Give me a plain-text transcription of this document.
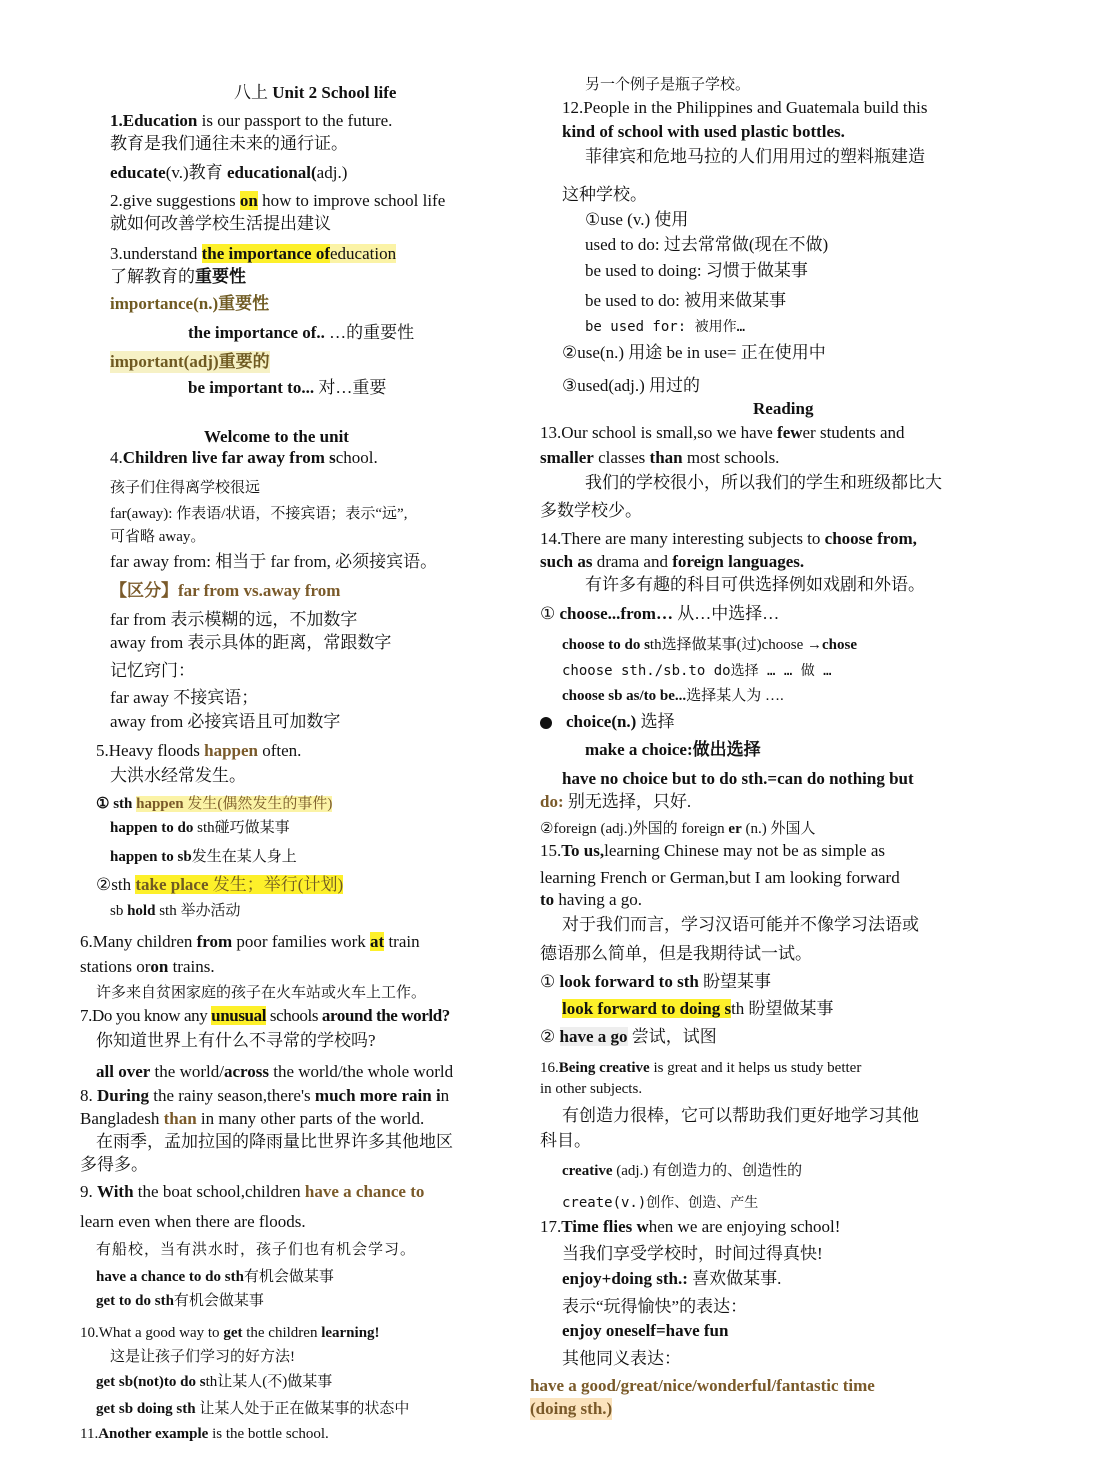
八上 Unit 2 School life
1.Education is our passport to the future.
教育是我们通往未来的通行证。
educate(v.)教育 educational(adj.)
2.give suggestions on how to improve school life
就如何改善学校生活提出建议
3.understand the importance ofeducation
了解教育的重要性
importance(n.)重要性
the importance of.. …的重要性
important(adj)重要的
be important to... 对…重要
Welcome to the unit
4.Children live far away from school.
孩子们住得离学校很远
far(away): 作表语/状语，不接宾语；表示“远”,
可省略 away。
far away from: 相当于 far from, 必须接宾语。
【区分】far from vs.away from
far from 表示模糊的远，不加数字
away from 表示具体的距离，常跟数字
记忆窍门：
far away 不接宾语；
away from 必接宾语且可加数字
5.Heavy floods happen often.
大洪水经常发生。
① sth happen 发生(偶然发生的事件)
happen to do sth碰巧做某事
happen to sb发生在某人身上
②sth take place 发生；举行(计划)
sb hold sth 举办活动
6.Many children from poor families work at train
stations oron trains.
许多来自贫困家庭的孩子在火车站或火车上工作。
7.Do you know any unusual schools around the world?
你知道世界上有什么不寻常的学校吗?
all over the world/across the world/the whole world
8. During the rainy season,there's much more rain in
Bangladesh than in many other parts of the world.
在雨季，孟加拉国的降雨量比世界许多其他地区
多得多。
9. With the boat school,children have a chance to
learn even when there are floods.
有船校，当有洪水时，孩子们也有机会学习。
have a chance to do sth有机会做某事
get to do sth有机会做某事
10.What a good way to get the children learning!
这是让孩子们学习的好方法!
get sb(not)to do sth让某人(不)做某事
get sb doing sth 让某人处于正在做某事的状态中
11.Another example is the bottle school.
另一个例子是瓶子学校。
12.People in the Philippines and Guatemala build this
kind of school with used plastic bottles.
菲律宾和危地马拉的人们用用过的塑料瓶建造
这种学校。
①use (v.) 使用
used to do: 过去常常做(现在不做)
be used to doing: 习惯于做某事
be used to do: 被用来做某事
be used for: 被用作…
②use(n.) 用途 be in use= 正在使用中
③used(adj.) 用过的
Reading
13.Our school is small,so we have fewer students and
smaller classes than most schools.
我们的学校很小，所以我们的学生和班级都比大
多数学校少。
14.There are many interesting subjects to choose from,
such as drama and foreign languages.
有许多有趣的科目可供选择例如戏剧和外语。
① choose...from… 从…中选择…
choose to do sth选择做某事(过)choose →chose
choose sth./sb.to do选择 … … 做 …
choose sb as/to be...选择某人为 ….
choice(n.) 选择
make a choice:做出选择
have no choice but to do sth.=can do nothing but
do: 别无选择，只好.
②foreign (adj.)外国的 foreign er (n.) 外国人
15.To us,learning Chinese may not be as simple as
learning French or German,but I am looking forward
to having a go.
对于我们而言，学习汉语可能并不像学习法语或
德语那么简单，但是我期待试一试。
① look forward to sth 盼望某事
look forward to doing sth 盼望做某事
② have a go 尝试，试图
16.Being creative is great and it helps us study better
in other subjects.
有创造力很棒，它可以帮助我们更好地学习其他
科目。
creative (adj.) 有创造力的、创造性的
create(v.)创作、创造、产生
17.Time flies when we are enjoying school!
当我们享受学校时，时间过得真快!
enjoy+doing sth.: 喜欢做某事.
表示“玩得愉快”的表达：
enjoy oneself=have fun
其他同义表达：
have a good/great/nice/wonderful/fantastic time
(doing sth.)
